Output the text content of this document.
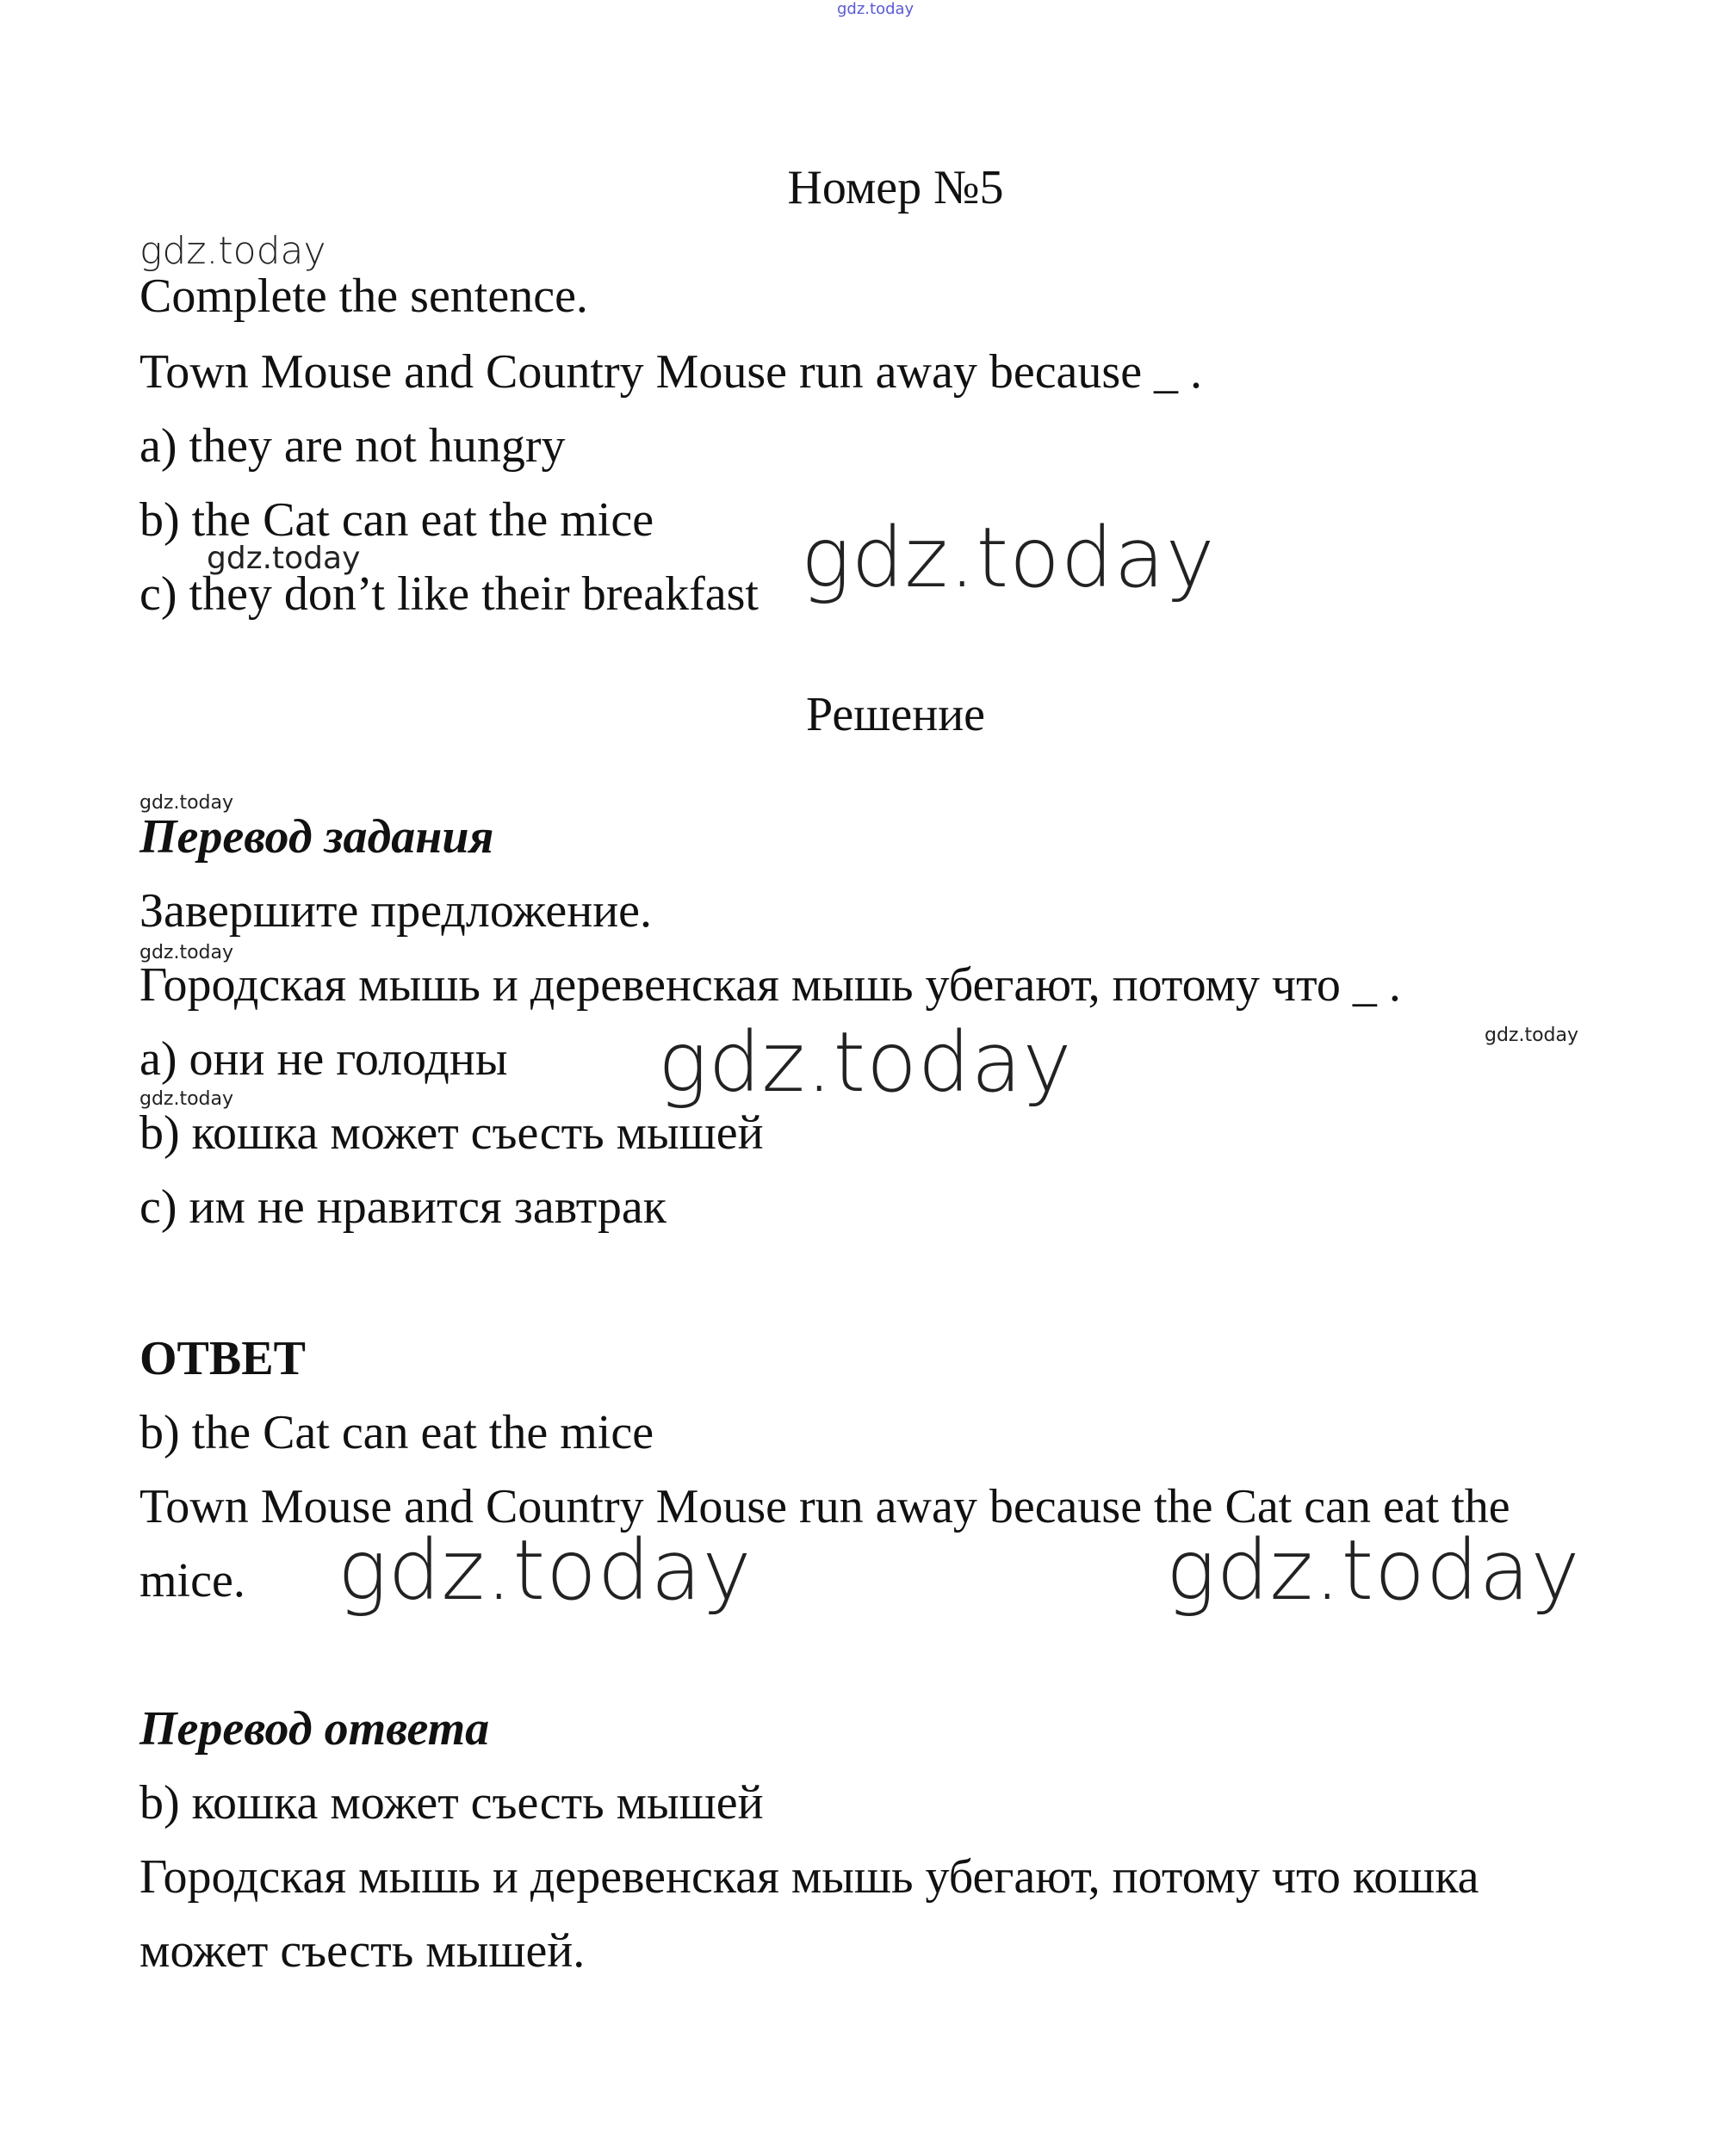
gdz.today
Номер №5
gdz.today
Complete the sentence.
Town Mouse and Country Mouse run away because _ .
a) they are not hungry
b) the Cat can eat the mice
gdz.today
c) they don’t like their breakfast gdz.today
Решение
gdz.today
Перевод задания
Завершите предложение.
gdz.today
Городская мышь и деревенская мышь убегают, потому что _ .
gdz.today
а) они не голодны gdz.today
gdz.today
b) кошка может съесть мышей
с) им не нравится завтрак
ОТВЕТ
b) the Cat can eat the mice
Town Mouse and Country Mouse run away because the Cat can eat the
mice. gdz.today	gdz.today
Перевод ответа
b) кошка может съесть мышей
Городская мышь и деревенская мышь убегают, потому что кошка
может съесть мышей.
